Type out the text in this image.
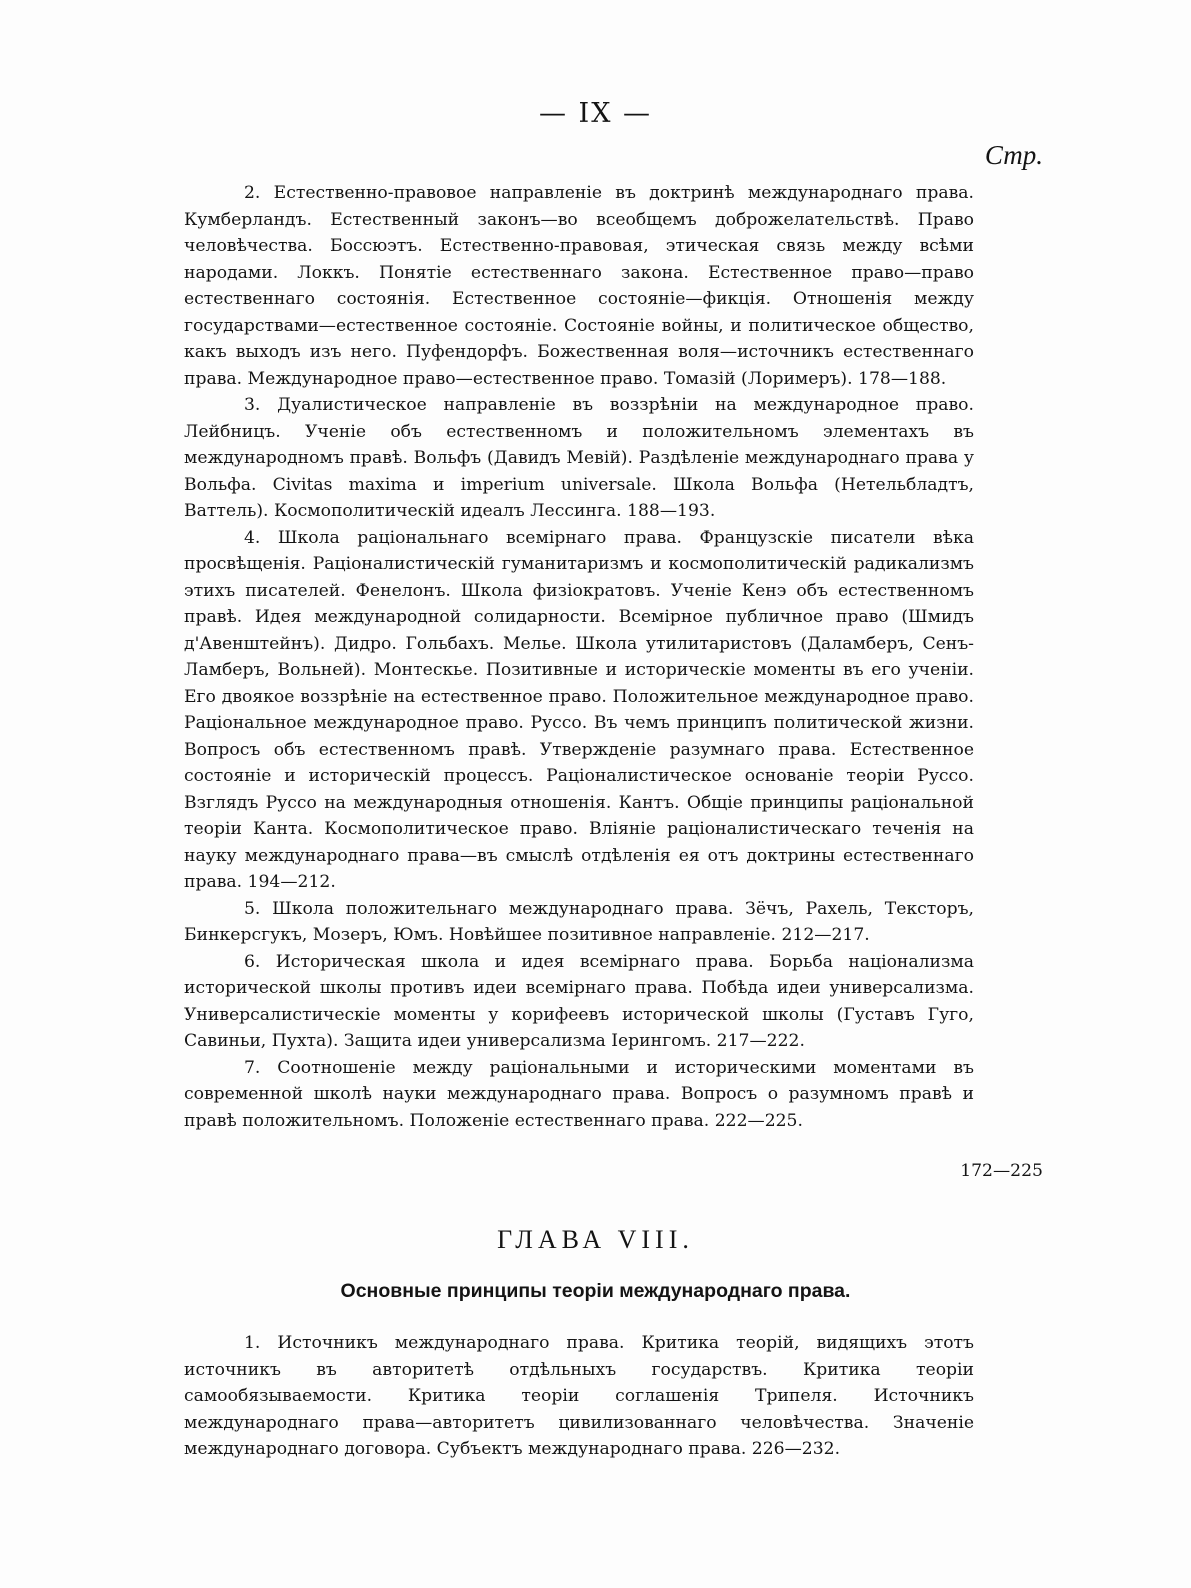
— IX —
Стр.

2. Естественно-правовое направленіе въ доктринѣ международнаго права. Кумберландъ. Естественный законъ—во всеобщемъ доброжелательствѣ. Право человѣчества. Боссюэтъ. Естественно-правовая, этическая связь между всѣми народами. Локкъ. Понятіе естественнаго закона. Естественное право—право естественнаго состоянія. Естественное состояніе—фикція. Отношенія между государствами—естественное состояніе. Состояніе войны, и политическое общество, какъ выходъ изъ него. Пуфендорфъ. Божественная воля—источникъ естественнаго права. Международное право—естественное право. Томазій (Лоримеръ). 178—188.

3. Дуалистическое направленіе въ воззрѣніи на международное право. Лейбницъ. Ученіе объ естественномъ и положительномъ элементахъ въ международномъ правѣ. Вольфъ (Давидъ Мевій). Раздѣленіе международнаго права у Вольфа. Civitas maxima и imperium universale. Школа Вольфа (Нетельбладтъ, Ваттель). Космополитическій идеалъ Лессинга. 188—193.

4. Школа раціональнаго всемірнаго права. Французскіе писатели вѣка просвѣщенія. Раціоналистическій гуманитаризмъ и космополитическій радикализмъ этихъ писателей. Фенелонъ. Школа физіократовъ. Ученіе Кенэ объ естественномъ правѣ. Идея международной солидарности. Всемірное публичное право (Шмидъ д'Авенштейнъ). Дидро. Гольбахъ. Мелье. Школа утилитаристовъ (Даламберъ, Сенъ-Ламберъ, Вольней). Монтескье. Позитивные и историческіе моменты въ его ученіи. Его двоякое воззрѣніе на естественное право. Положительное международное право. Раціональное международное право. Руссо. Въ чемъ принципъ политической жизни. Вопросъ объ естественномъ правѣ. Утвержденіе разумнаго права. Естественное состояніе и историческій процессъ. Раціоналистическое основаніе теоріи Руссо. Взглядъ Руссо на международныя отношенія. Кантъ. Общіе принципы раціональной теоріи Канта. Космополитическое право. Вліяніе раціоналистическаго теченія на науку международнаго права—въ смыслѣ отдѣленія ея отъ доктрины естественнаго права. 194—212.

5. Школа положительнаго международнаго права. Зёчъ, Рахель, Текстоpъ, Бинкерсгукъ, Мозеръ, Юмъ. Новѣйшее позитивное направленіе. 212—217.

6. Историческая школа и идея всемірнаго права. Борьба націонализма исторической школы противъ идеи всемірнаго права. Побѣда идеи универсализма. Универсалистическіе моменты у корифеевъ исторической школы (Густавъ Гуго, Савиньи, Пухта). Защита идеи универсализма Іерингомъ. 217—222.

7. Соотношеніе между раціональными и историческими моментами въ современной школѣ науки международнаго права. Вопросъ о разумномъ правѣ и правѣ положительномъ. Положеніе естественнаго права. 222—225.

172—225
ГЛАВА VIII.
Основные принципы теоріи международнаго права.

1. Источникъ международнаго права. Критика теорій, видящихъ этотъ источникъ въ авторитетѣ отдѣльныхъ государствъ. Критика теоріи самообязываемости. Критика теоріи соглашенія Трипеля. Источникъ международнаго права—авторитетъ цивилизованнаго человѣчества. Значеніе международнаго договора. Субъектъ международнаго права. 226—232.
